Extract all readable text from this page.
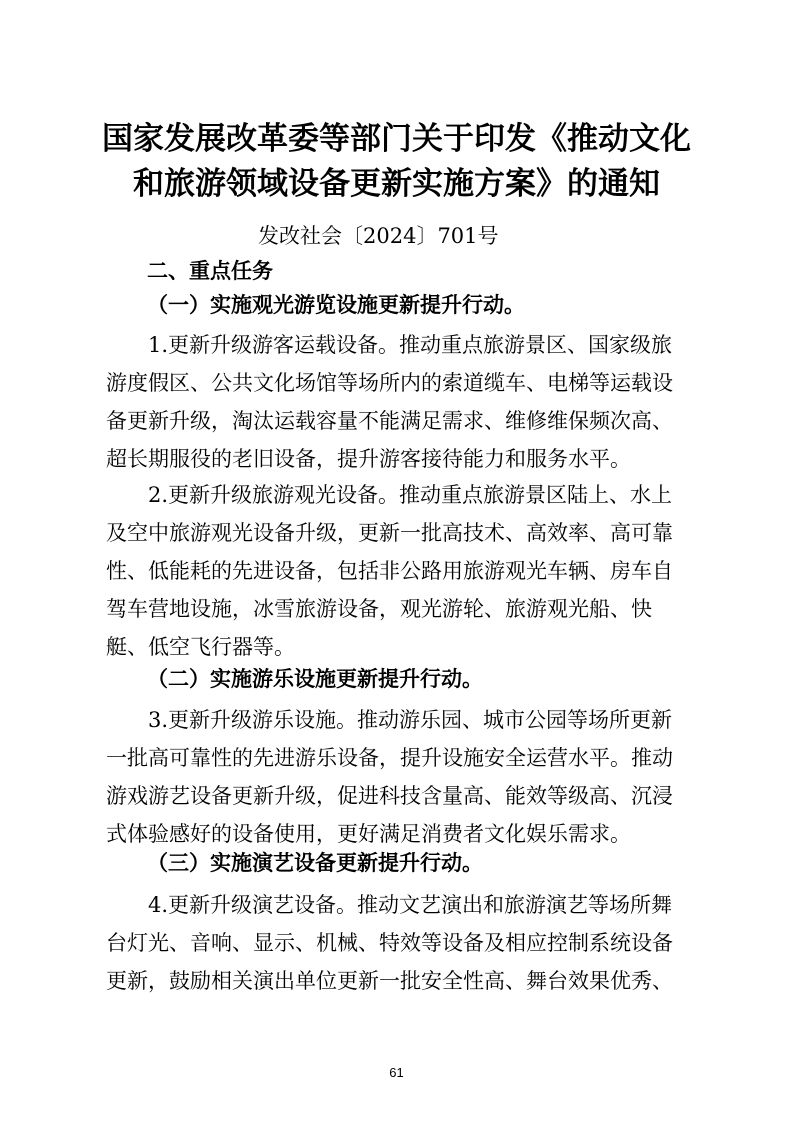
国家发展改革委等部门关于印发《推动文化
和旅游领域设备更新实施方案》的通知

发改社会〔2024〕701号

二、重点任务
（一）实施观光游览设施更新提升行动。
1.更新升级游客运载设备。推动重点旅游景区、国家级旅
游度假区、公共文化场馆等场所内的索道缆车、电梯等运载设
备更新升级，淘汰运载容量不能满足需求、维修维保频次高、
超长期服役的老旧设备，提升游客接待能力和服务水平。
2.更新升级旅游观光设备。推动重点旅游景区陆上、水上
及空中旅游观光设备升级，更新一批高技术、高效率、高可靠
性、低能耗的先进设备，包括非公路用旅游观光车辆、房车自
驾车营地设施，冰雪旅游设备，观光游轮、旅游观光船、快
艇、低空飞行器等。
（二）实施游乐设施更新提升行动。
3.更新升级游乐设施。推动游乐园、城市公园等场所更新
一批高可靠性的先进游乐设备，提升设施安全运营水平。推动
游戏游艺设备更新升级，促进科技含量高、能效等级高、沉浸
式体验感好的设备使用，更好满足消费者文化娱乐需求。
（三）实施演艺设备更新提升行动。
4.更新升级演艺设备。推动文艺演出和旅游演艺等场所舞
台灯光、音响、显示、机械、特效等设备及相应控制系统设备
更新，鼓励相关演出单位更新一批安全性高、舞台效果优秀、

61
